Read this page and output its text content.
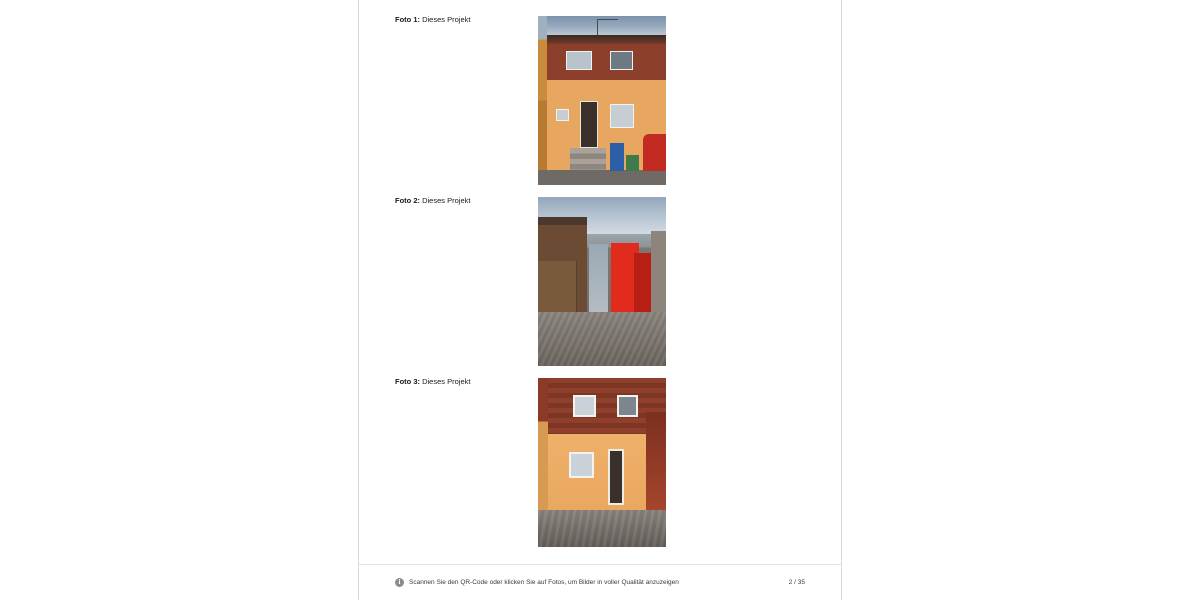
Foto 1: Dieses Projekt
Foto 2: Dieses Projekt
Foto 3: Dieses Projekt
i	Scannen Sie den QR-Code oder klicken Sie auf Fotos, um Bilder in voller Qualität anzuzeigen	2 / 35
